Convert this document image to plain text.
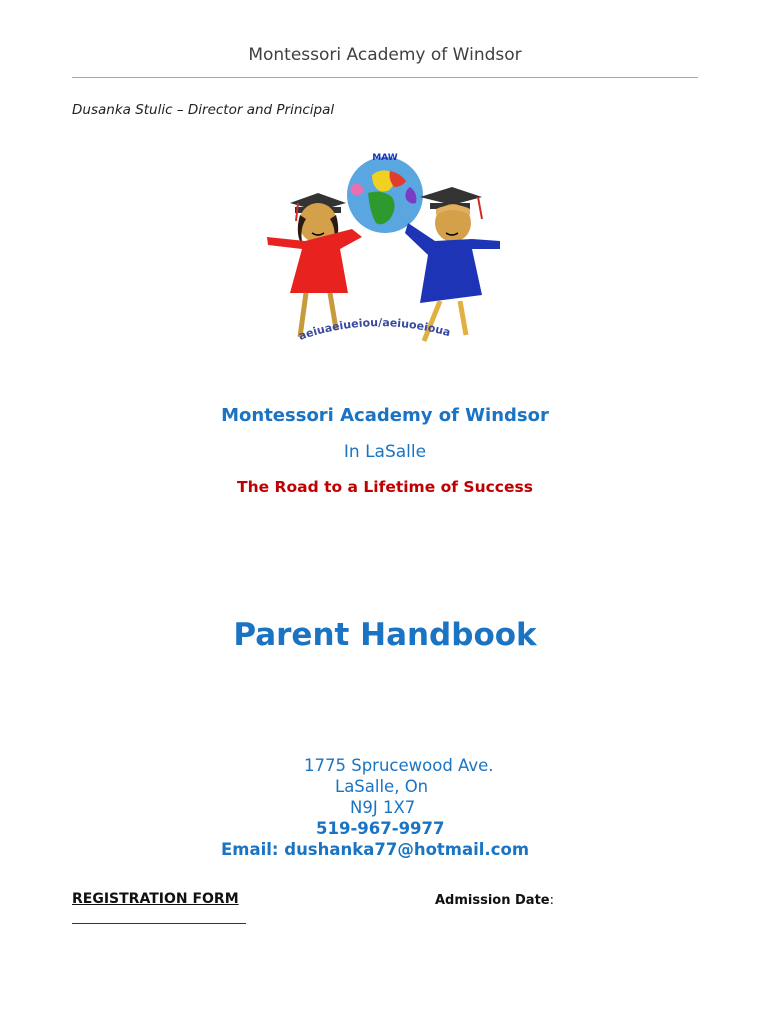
Montessori Academy of Windsor
Dusanka Stulic – Director and Principal
MAW
aeiuaeiueiou/aeiuoeioua
Montessori Academy of Windsor
In LaSalle
The Road to a Lifetime of Success
Parent Handbook
1775 Sprucewood Ave.
LaSalle, On
N9J 1X7
519-967-9977
Email: dushanka77@hotmail.com
REGISTRATION FORM	Admission Date:
